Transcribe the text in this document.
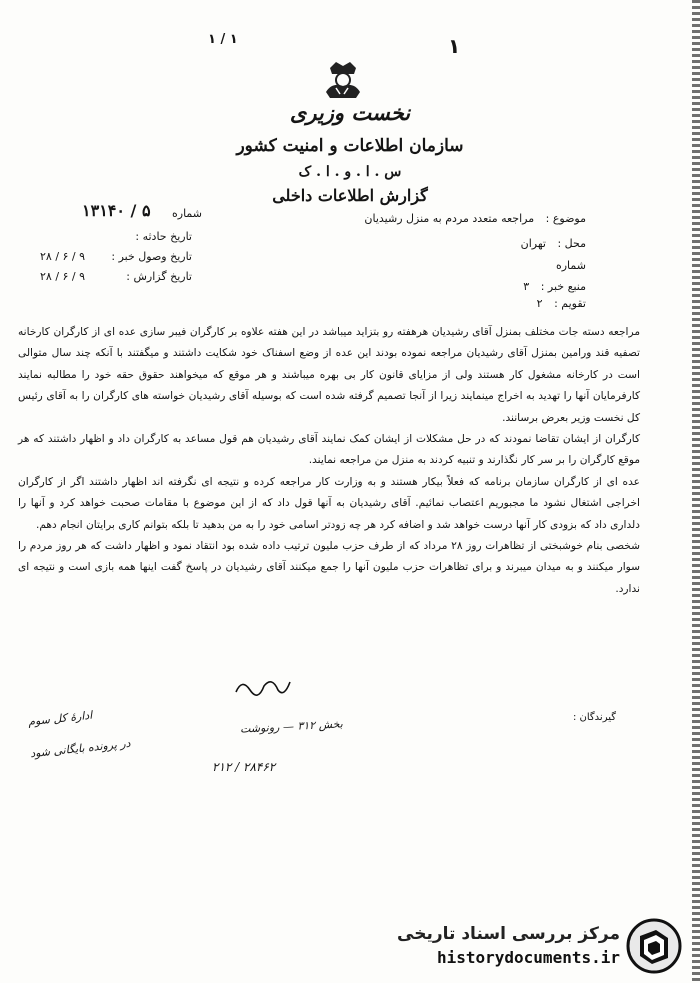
۱
۱ / ۱
نخست وزیری
سازمان اطلاعات و امنیت کشور
س . ا . و . ا . ک
گزارش اطلاعات داخلی
۱۳۱۴۰ / ۵ شماره
تاریخ حادثه :
تاریخ وصول خبر :
۲۸ / ۶ / ۹
تاریخ گزارش :
۲۸ / ۶ / ۹
موضوع : مراجعه متعدد مردم به منزل رشیدیان
محل : تهران
شماره
منبع خبر : ۳
تقویم : ۲

مراجعه دسته جات مختلف بمنزل آقای رشیدیان هرهفته رو بتزاید میباشد در این هفته علاوه بر کارگران فیبر سازی عده ای از کارگران کارخانه تصفیه قند ورامین بمنزل آقای رشیدیان مراجعه نموده بودند این عده از وضع اسفناک خود شکایت داشتند و میگفتند با آنکه چند سال متوالی است در کارخانه مشغول کار هستند ولی از مزایای قانون کار بی بهره میباشند و هر موقع که میخواهند حقوق حقه خود را مطالبه نمایند کارفرمایان آنها را تهدید به اخراج مینمایند زیرا از آنجا تصمیم گرفته شده است که بوسیله آقای رشیدیان خواسته های کارگران را به آقای رئیس کل نخست وزیر بعرض برسانند.

کارگران از ایشان تقاضا نمودند که در حل مشکلات از ایشان کمک نمایند آقای رشیدیان هم قول مساعد به کارگران داد و اظهار داشتند که هر موقع کارگران را بر سر کار نگذارند و تنبیه کردند به منزل من مراجعه نمایند.

عده ای از کارگران سازمان برنامه که فعلاً بیکار هستند و به وزارت کار مراجعه کرده و نتیجه ای نگرفته اند اظهار داشتند اگر از کارگران اخراجی اشتغال نشود ما مجبوریم اعتصاب نمائیم. آقای رشیدیان به آنها قول داد که از این موضوع با مقامات صحبت خواهد کرد و آنها را دلداری داد که بزودی کار آنها درست خواهد شد و اضافه کرد هر چه زودتر اسامی خود را به من بدهید تا بلکه بتوانم کاری برایتان انجام دهم.

شخصی بنام خوشبختی از تظاهرات روز ۲۸ مرداد که از طرف حزب ملیون ترتیب داده شده بود انتقاد نمود و اظهار داشت که هر روز مردم را سوار میکنند و به میدان میبرند و برای تظاهرات حزب ملیون آنها را جمع میکنند آقای رشیدیان در پاسخ گفت اینها همه بازی است و نتیجه ای ندارد.

گیرندگان :
ادارهٔ کل سوم
در پرونده بایگانی شود
بخش ۳۱۲ — رونوشت
۲۱۲ / ۲۸۴۶۲
مرکز بررسی اسناد تاریخی
historydocuments.ir
